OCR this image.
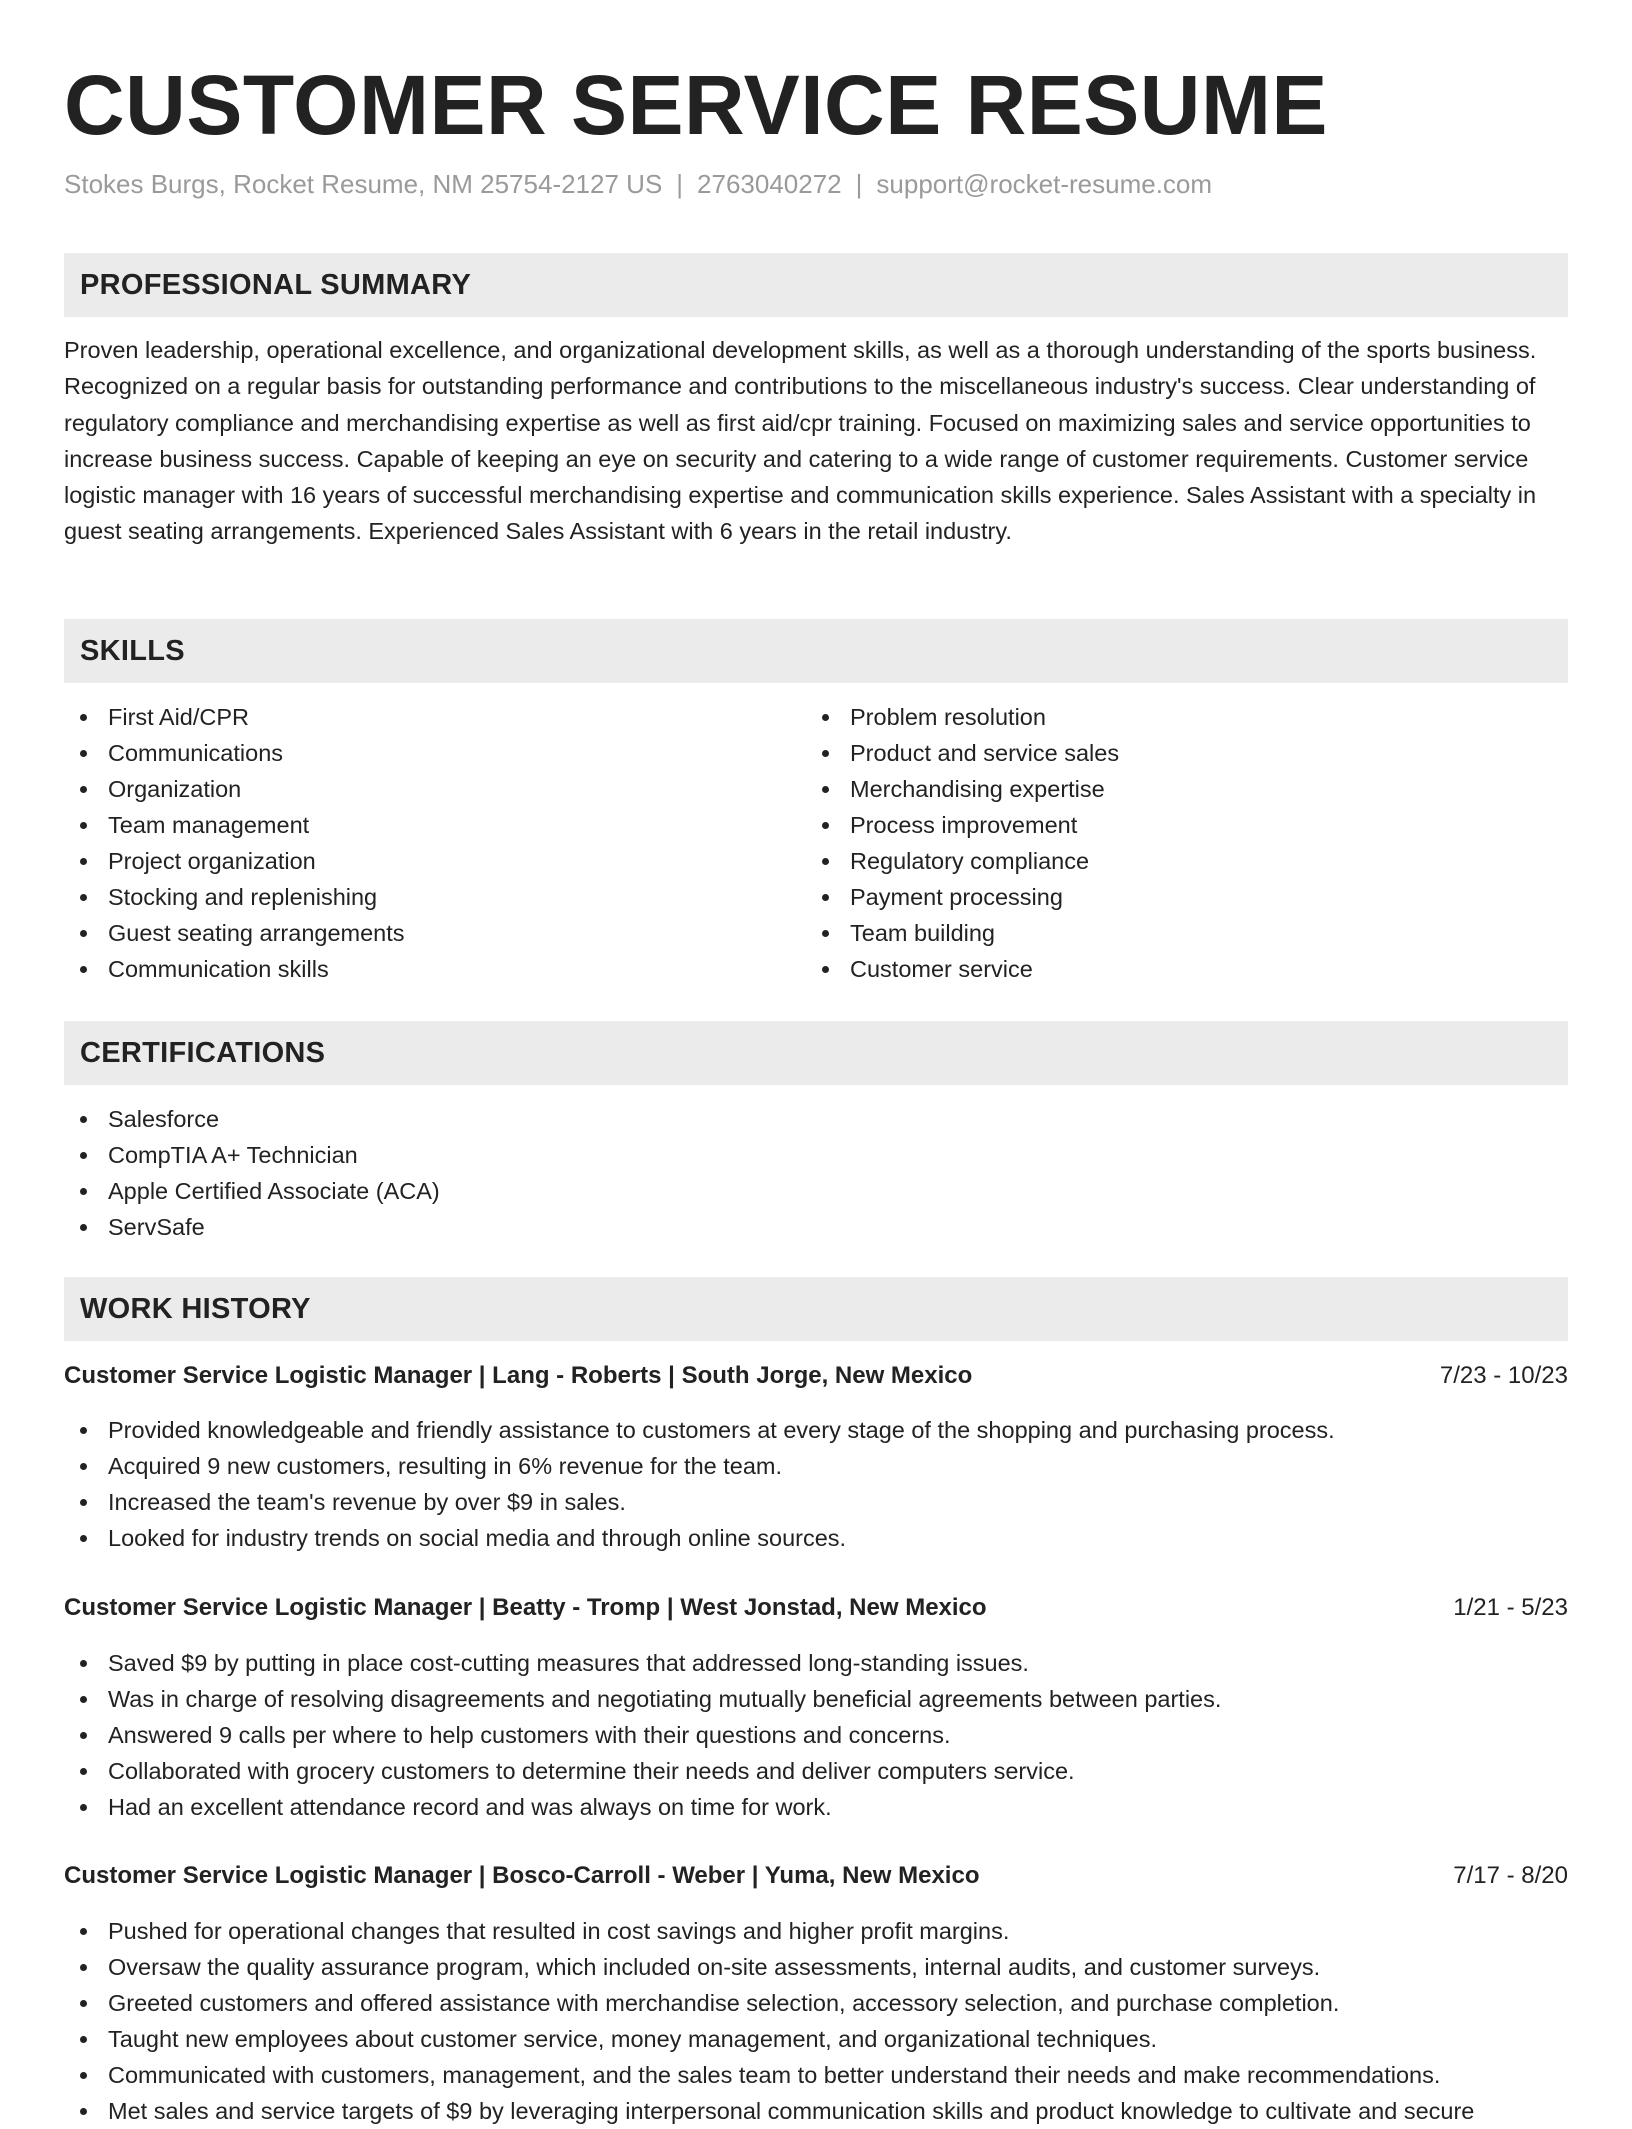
CUSTOMER SERVICE RESUME
Stokes Burgs, Rocket Resume, NM 25754-2127 US | 2763040272 | support@rocket-resume.com
PROFESSIONAL SUMMARY
Proven leadership, operational excellence, and organizational development skills, as well as a thorough understanding of the sports business. Recognized on a regular basis for outstanding performance and contributions to the miscellaneous industry's success. Clear understanding of regulatory compliance and merchandising expertise as well as first aid/cpr training. Focused on maximizing sales and service opportunities to increase business success. Capable of keeping an eye on security and catering to a wide range of customer requirements. Customer service logistic manager with 16 years of successful merchandising expertise and communication skills experience. Sales Assistant with a specialty in guest seating arrangements. Experienced Sales Assistant with 6 years in the retail industry.
SKILLS
First Aid/CPR
Communications
Organization
Team management
Project organization
Stocking and replenishing
Guest seating arrangements
Communication skills
Problem resolution
Product and service sales
Merchandising expertise
Process improvement
Regulatory compliance
Payment processing
Team building
Customer service
CERTIFICATIONS
Salesforce
CompTIA A+ Technician
Apple Certified Associate (ACA)
ServSafe
WORK HISTORY
Customer Service Logistic Manager | Lang - Roberts | South Jorge, New Mexico	7/23 - 10/23
Provided knowledgeable and friendly assistance to customers at every stage of the shopping and purchasing process.
Acquired 9 new customers, resulting in 6% revenue for the team.
Increased the team's revenue by over $9 in sales.
Looked for industry trends on social media and through online sources.
Customer Service Logistic Manager | Beatty - Tromp | West Jonstad, New Mexico	1/21 - 5/23
Saved $9 by putting in place cost-cutting measures that addressed long-standing issues.
Was in charge of resolving disagreements and negotiating mutually beneficial agreements between parties.
Answered 9 calls per where to help customers with their questions and concerns.
Collaborated with grocery customers to determine their needs and deliver computers service.
Had an excellent attendance record and was always on time for work.
Customer Service Logistic Manager | Bosco-Carroll - Weber | Yuma, New Mexico	7/17 - 8/20
Pushed for operational changes that resulted in cost savings and higher profit margins.
Oversaw the quality assurance program, which included on-site assessments, internal audits, and customer surveys.
Greeted customers and offered assistance with merchandise selection, accessory selection, and purchase completion.
Taught new employees about customer service, money management, and organizational techniques.
Communicated with customers, management, and the sales team to better understand their needs and make recommendations.
Met sales and service targets of $9 by leveraging interpersonal communication skills and product knowledge to cultivate and secure
